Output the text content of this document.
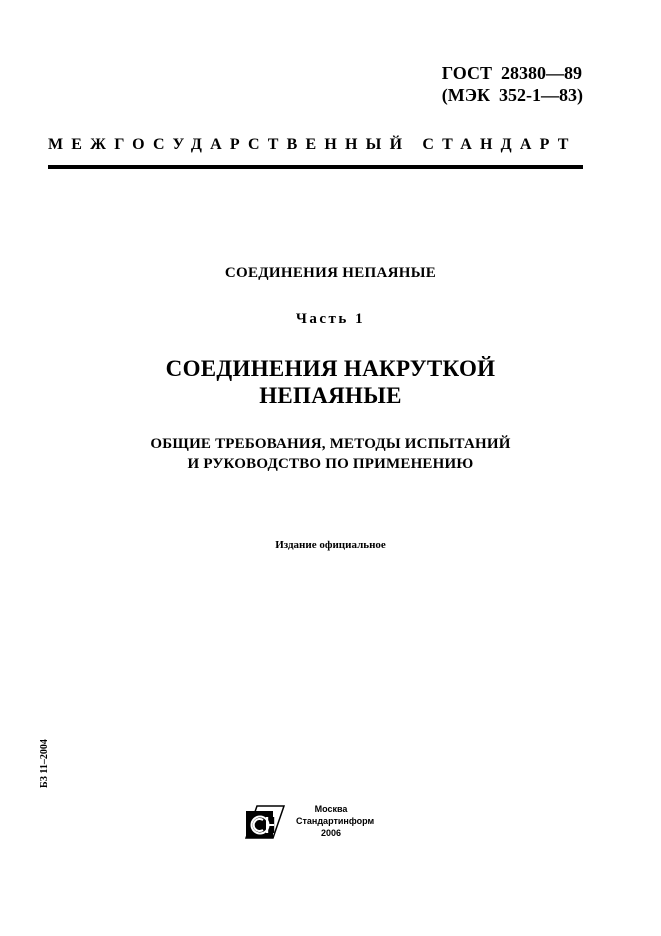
ГОСТ  28380—89
(МЭК  352-1—83)
МЕЖГОСУДАРСТВЕННЫЙ СТАНДАРТ
СОЕДИНЕНИЯ НЕПАЯНЫЕ
Часть 1
СОЕДИНЕНИЯ НАКРУТКОЙ
НЕПАЯНЫЕ
ОБЩИЕ ТРЕБОВАНИЯ, МЕТОДЫ ИСПЫТАНИЙ
И РУКОВОДСТВО ПО ПРИМЕНЕНИЮ
Издание официальное
БЗ 11–2004
Москва
Стандартинформ
2006
